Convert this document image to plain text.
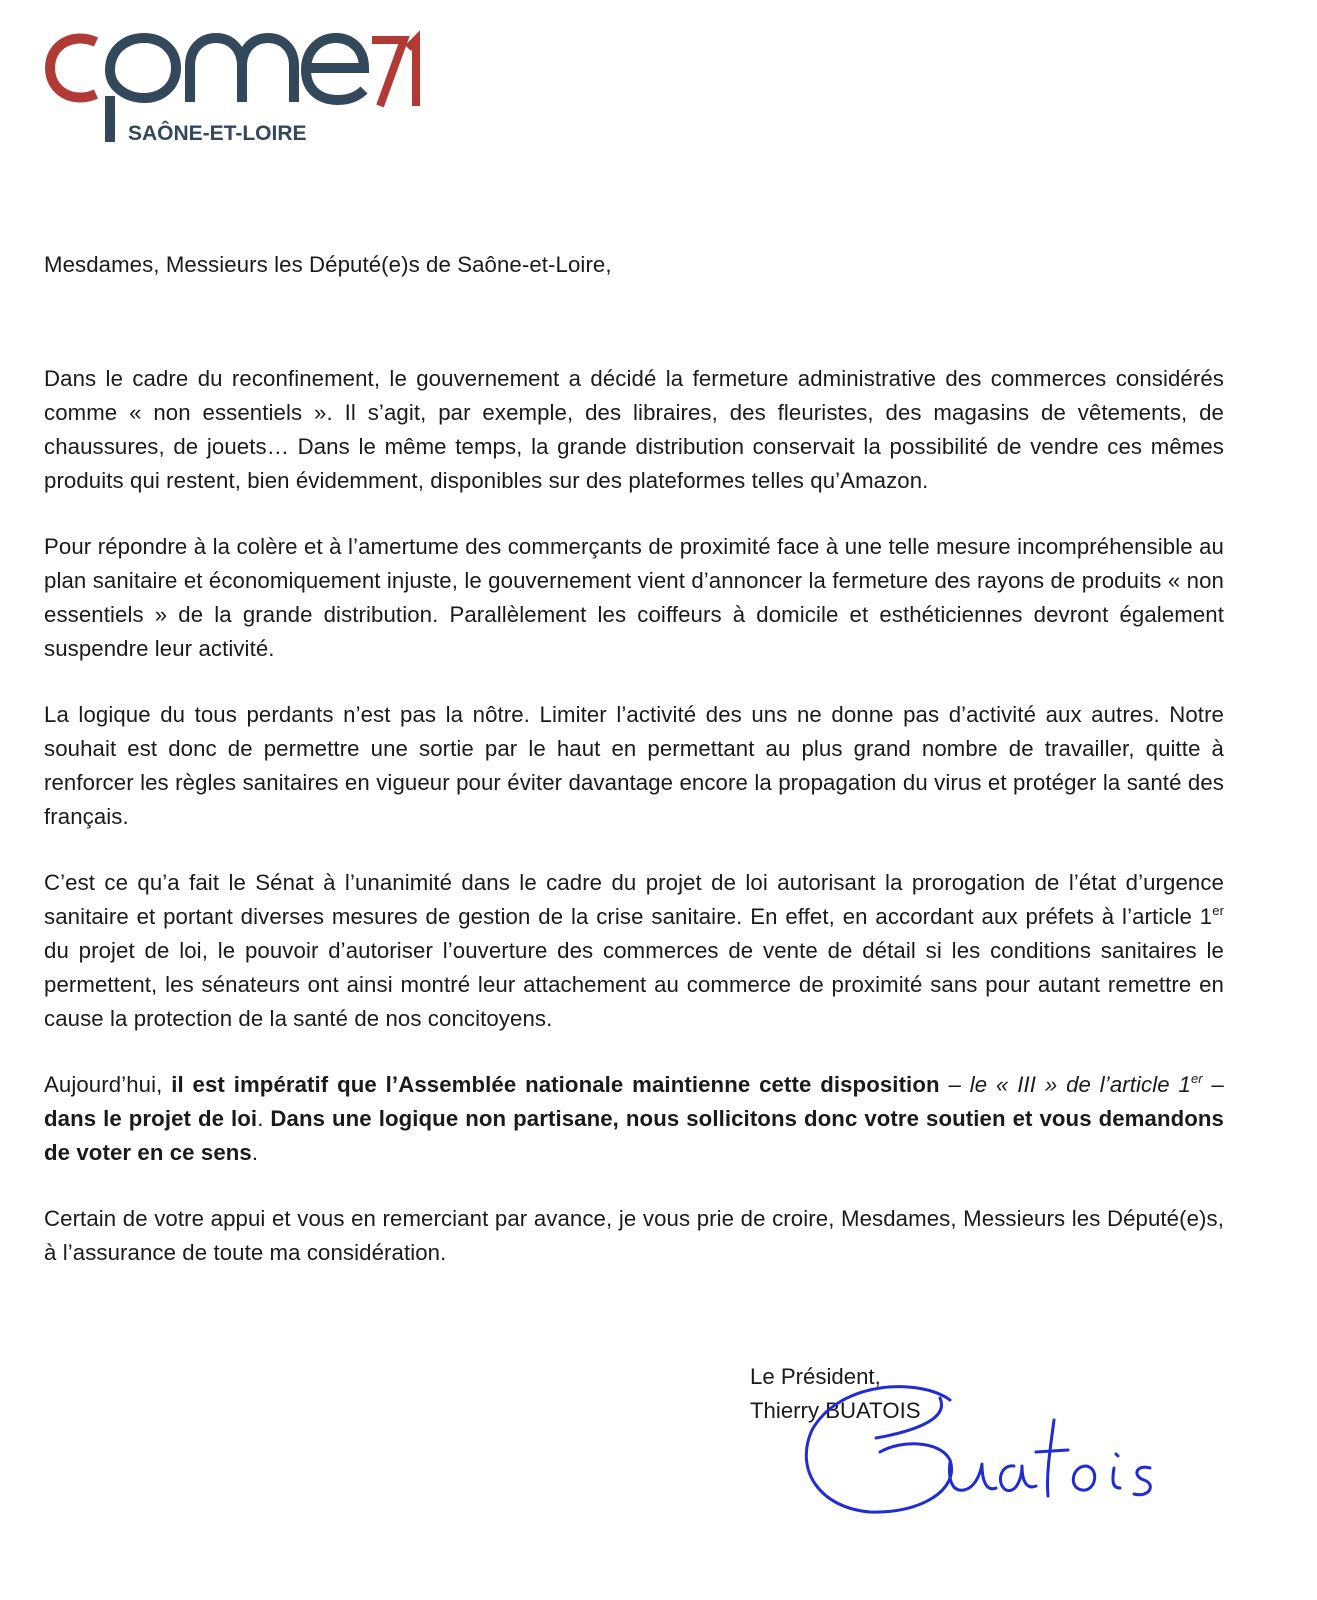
SAÔNE-ET-LOIRE

Mesdames, Messieurs les Député(e)s de Saône-et-Loire,

Dans le cadre du reconfinement, le gouvernement a décidé la fermeture administrative des commerces considérés comme « non essentiels ». Il s’agit, par exemple, des libraires, des fleuristes, des magasins de vêtements, de chaussures, de jouets… Dans le même temps, la grande distribution conservait la possibilité de vendre ces mêmes produits qui restent, bien évidemment, disponibles sur des plateformes telles qu’Amazon.

Pour répondre à la colère et à l’amertume des commerçants de proximité face à une telle mesure incompréhensible au plan sanitaire et économiquement injuste, le gouvernement vient d’annoncer la fermeture des rayons de produits « non essentiels » de la grande distribution. Parallèlement les coiffeurs à domicile et esthéticiennes devront également suspendre leur activité.

La logique du tous perdants n’est pas la nôtre. Limiter l’activité des uns ne donne pas d’activité aux autres. Notre souhait est donc de permettre une sortie par le haut en permettant au plus grand nombre de travailler, quitte à renforcer les règles sanitaires en vigueur pour éviter davantage encore la propagation du virus et protéger la santé des français.

C’est ce qu’a fait le Sénat à l’unanimité dans le cadre du projet de loi autorisant la prorogation de l’état d’urgence sanitaire et portant diverses mesures de gestion de la crise sanitaire. En effet, en accordant aux préfets à l’article 1er du projet de loi, le pouvoir d’autoriser l’ouverture des commerces de vente de détail si les conditions sanitaires le permettent, les sénateurs ont ainsi montré leur attachement au commerce de proximité sans pour autant remettre en cause la protection de la santé de nos concitoyens.

Aujourd’hui, il est impératif que l’Assemblée nationale maintienne cette disposition – le « III » de l’article 1er – dans le projet de loi. Dans une logique non partisane, nous sollicitons donc votre soutien et vous demandons de voter en ce sens.

Certain de votre appui et vous en remerciant par avance, je vous prie de croire, Mesdames, Messieurs les Député(e)s, à l’assurance de toute ma considération.

Le Président,
Thierry BUATOIS
